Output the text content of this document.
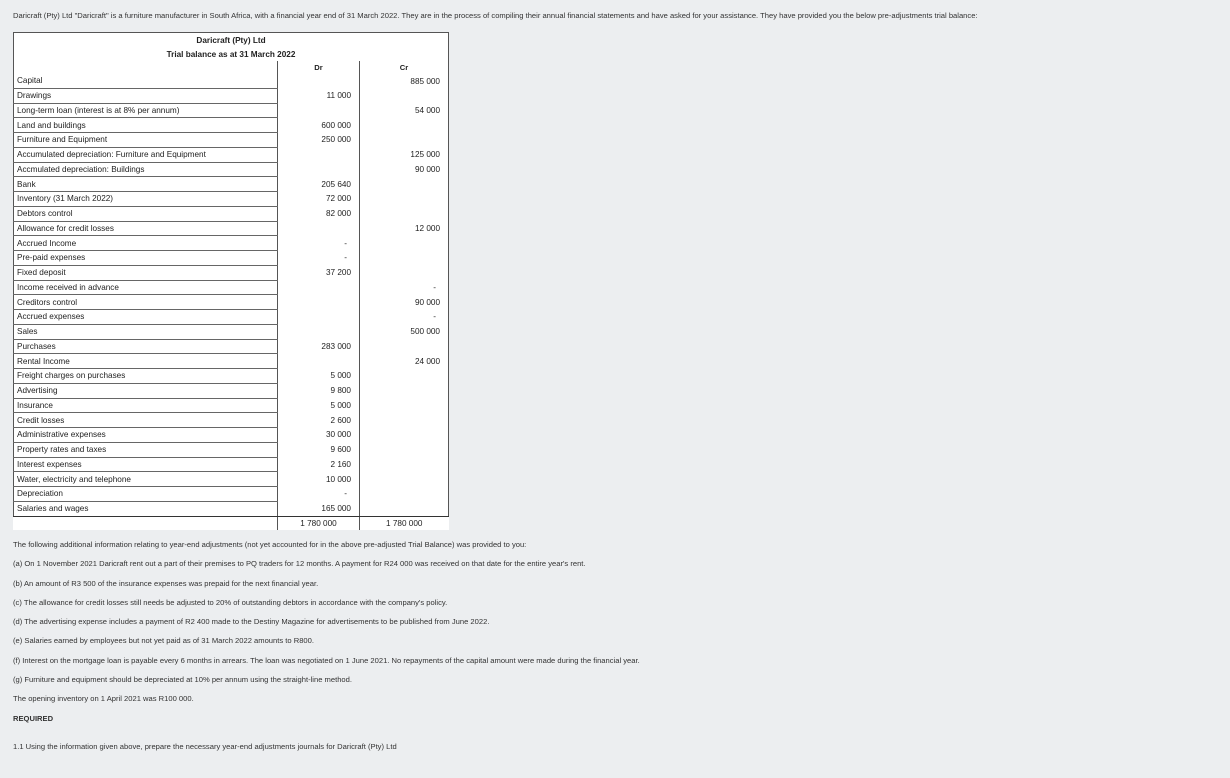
Daricraft (Pty) Ltd "Daricraft" is a furniture manufacturer in South Africa, with a financial year end of 31 March 2022. They are in the process of compiling their annual financial statements and have asked for your assistance. They have provided you the below pre-adjustments trial balance:
Daricraft (Pty) Ltd		
Trial balance as at 31 March 2022		
	Dr	Cr
Capital		885 000
Drawings	11 000	
Long-term loan (interest is at 8% per annum)		54 000
Land and buildings	600 000	
Furniture and Equipment	250 000	
Accumulated depreciation: Furniture and Equipment		125 000
Accmulated depreciation: Buildings		90 000
Bank	205 640	
Inventory (31 March 2022)	72 000	
Debtors control	82 000	
Allowance for credit losses		12 000
Accrued Income	-	
Pre-paid expenses	-	
Fixed deposit	37 200	
Income received in advance		-
Creditors control		90 000
Accrued expenses		-
Sales		500 000
Purchases	283 000	
Rental Income		24 000
Freight charges on purchases	5 000	
Advertising	9 800	
Insurance	5 000	
Credit losses	2 600	
Administrative expenses	30 000	
Property rates and taxes	9 600	
Interest expenses	2 160	
Water, electricity and telephone	10 000	
Depreciation	-	
Salaries and wages	165 000	
	1 780 000	1 780 000
The following additional information relating to year-end adjustments (not yet accounted for in the above pre-adjusted Trial Balance) was provided to you:
(a) On 1 November 2021 Daricraft rent out a part of their premises to PQ traders for 12 months. A payment for R24 000 was received on that date for the entire year's rent.
(b) An amount of R3 500 of the insurance expenses was prepaid for the next financial year.
(c) The allowance for credit losses still needs be adjusted to 20% of outstanding debtors in accordance with the company's policy.
(d) The advertising expense includes a payment of R2 400 made to the Destiny Magazine for advertisements to be published from June 2022.
(e) Salaries earned by employees but not yet paid as of 31 March 2022 amounts to R800.
(f) Interest on the mortgage loan is payable every 6 months in arrears. The loan was negotiated on 1 June 2021. No repayments of the capital amount were made during the financial year.
(g) Furniture and equipment should be depreciated at 10% per annum using the straight-line method.
The opening inventory on 1 April 2021 was R100 000.
REQUIRED
1.1 Using the information given above, prepare the necessary year-end adjustments journals for Daricraft (Pty) Ltd
